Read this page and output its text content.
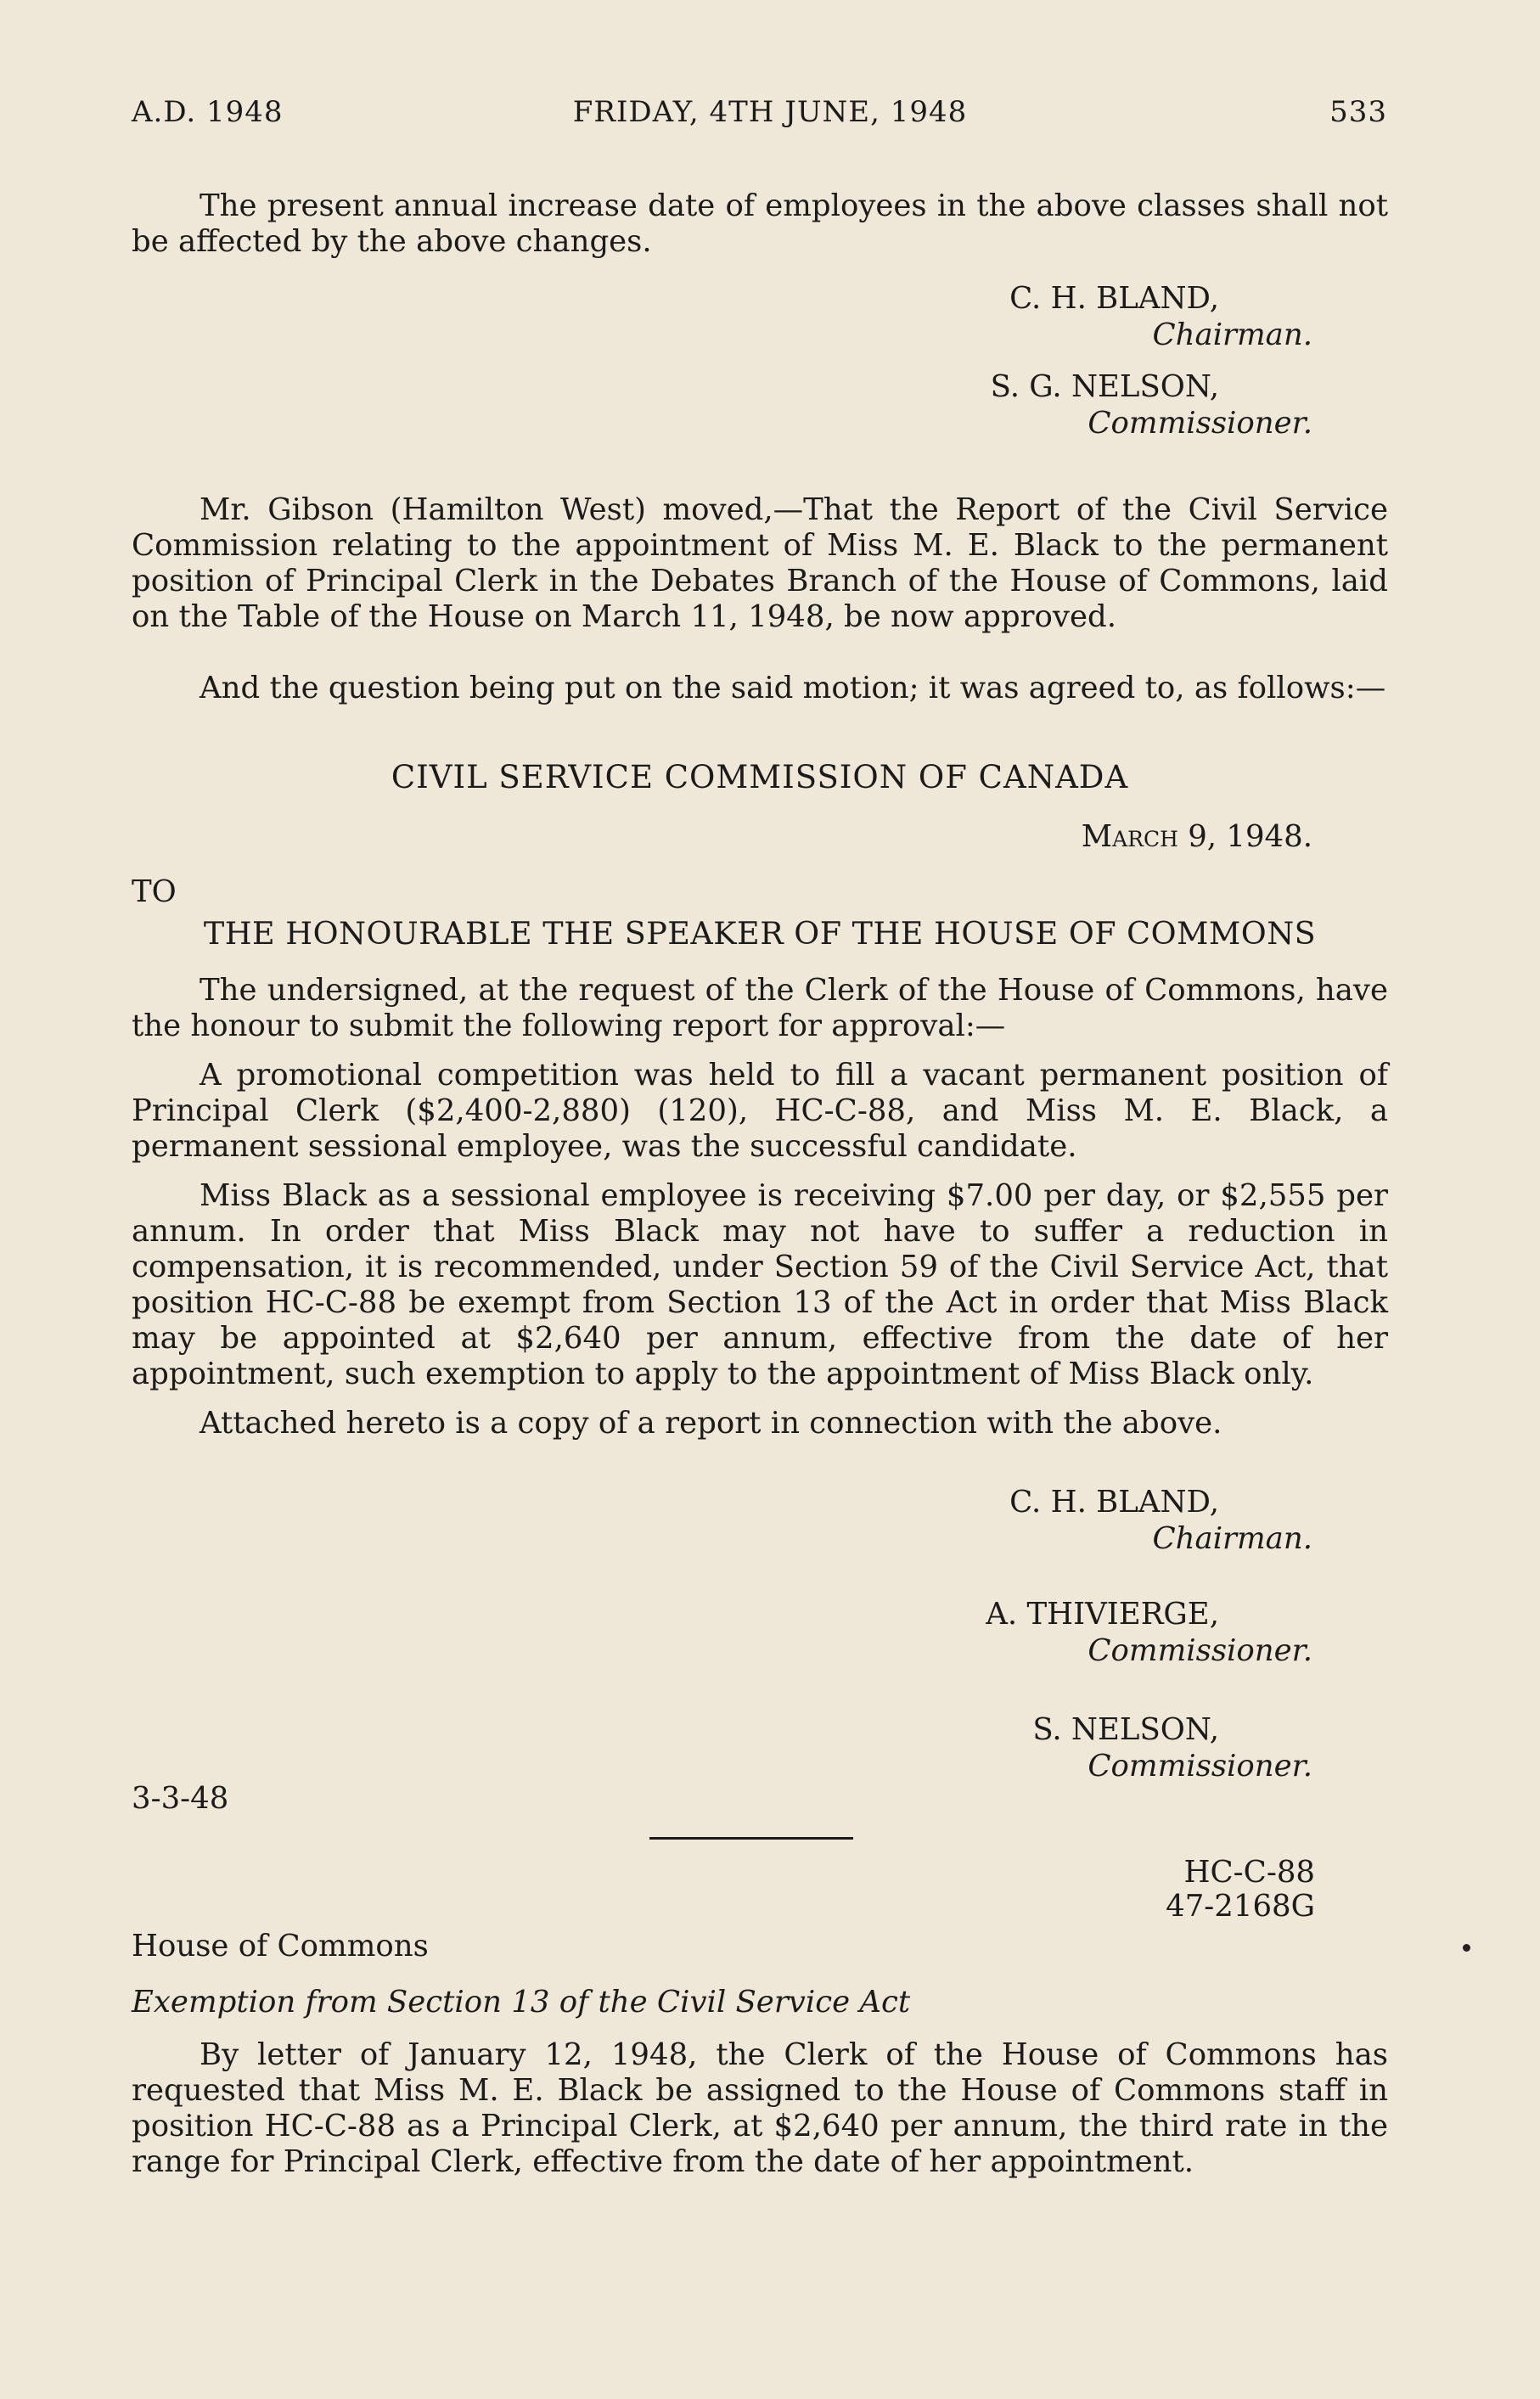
A.D. 1948	FRIDAY, 4TH JUNE, 1948	533

The present annual increase date of employees in the above classes shall not be affected by the above changes.

C. H. BLAND,
Chairman.
S. G. NELSON,
Commissioner.

Mr. Gibson (Hamilton West) moved,—That the Report of the Civil Service Commission relating to the appointment of Miss M. E. Black to the permanent position of Principal Clerk in the Debates Branch of the House of Commons, laid on the Table of the House on March 11, 1948, be now approved.

And the question being put on the said motion; it was agreed to, as follows:—

CIVIL SERVICE COMMISSION OF CANADA
March 9, 1948.
TO
THE HONOURABLE THE SPEAKER OF THE HOUSE OF COMMONS

The undersigned, at the request of the Clerk of the House of Commons, have the honour to submit the following report for approval:—

A promotional competition was held to fill a vacant permanent position of Principal Clerk ($2,400-2,880) (120), HC-C-88, and Miss M. E. Black, a permanent sessional employee, was the successful candidate.

Miss Black as a sessional employee is receiving $7.00 per day, or $2,555 per annum. In order that Miss Black may not have to suffer a reduction in compensation, it is recommended, under Section 59 of the Civil Service Act, that position HC-C-88 be exempt from Section 13 of the Act in order that Miss Black may be appointed at $2,640 per annum, effective from the date of her appointment, such exemption to apply to the appointment of Miss Black only.

Attached hereto is a copy of a report in connection with the above.

C. H. BLAND,
Chairman.
A. THIVIERGE,
Commissioner.
S. NELSON,
Commissioner.
3-3-48
HC-C-88
47-2168G
House of Commons
Exemption from Section 13 of the Civil Service Act

By letter of January 12, 1948, the Clerk of the House of Commons has requested that Miss M. E. Black be assigned to the House of Commons staff in position HC-C-88 as a Principal Clerk, at $2,640 per annum, the third rate in the range for Principal Clerk, effective from the date of her appointment.
